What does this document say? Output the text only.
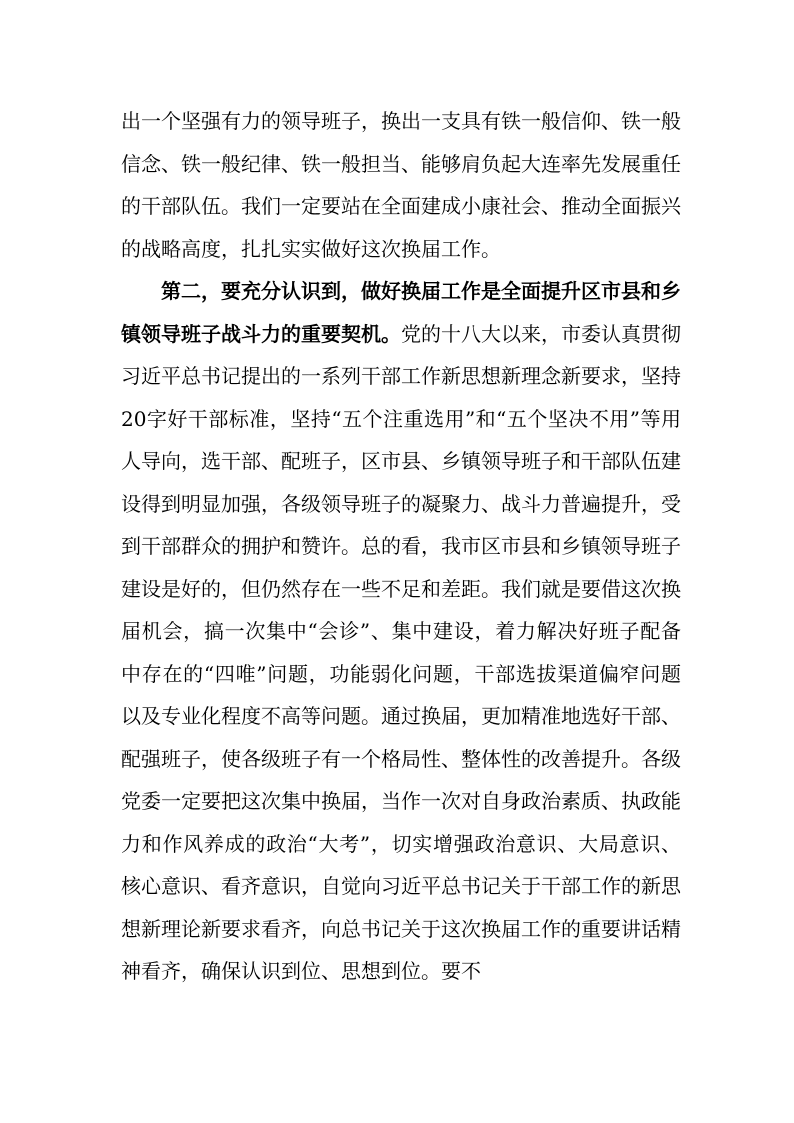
出一个坚强有力的领导班子，换出一支具有铁一般信仰、铁一般信念、铁一般纪律、铁一般担当、能够肩负起大连率先发展重任的干部队伍。我们一定要站在全面建成小康社会、推动全面振兴的战略高度，扎扎实实做好这次换届工作。

第二，要充分认识到，做好换届工作是全面提升区市县和乡镇领导班子战斗力的重要契机。党的十八大以来，市委认真贯彻习近平总书记提出的一系列干部工作新思想新理念新要求，坚持20字好干部标准，坚持“五个注重选用”和“五个坚决不用”等用人导向，选干部、配班子，区市县、乡镇领导班子和干部队伍建设得到明显加强，各级领导班子的凝聚力、战斗力普遍提升，受到干部群众的拥护和赞许。总的看，我市区市县和乡镇领导班子建设是好的，但仍然存在一些不足和差距。我们就是要借这次换届机会，搞一次集中“会诊”、集中建设，着力解决好班子配备中存在的“四唯”问题，功能弱化问题，干部选拔渠道偏窄问题以及专业化程度不高等问题。通过换届，更加精准地选好干部、配强班子，使各级班子有一个格局性、整体性的改善提升。各级党委一定要把这次集中换届，当作一次对自身政治素质、执政能力和作风养成的政治“大考”，切实增强政治意识、大局意识、核心意识、看齐意识，自觉向习近平总书记关于干部工作的新思想新理论新要求看齐，向总书记关于这次换届工作的重要讲话精神看齐，确保认识到位、思想到位。要不
